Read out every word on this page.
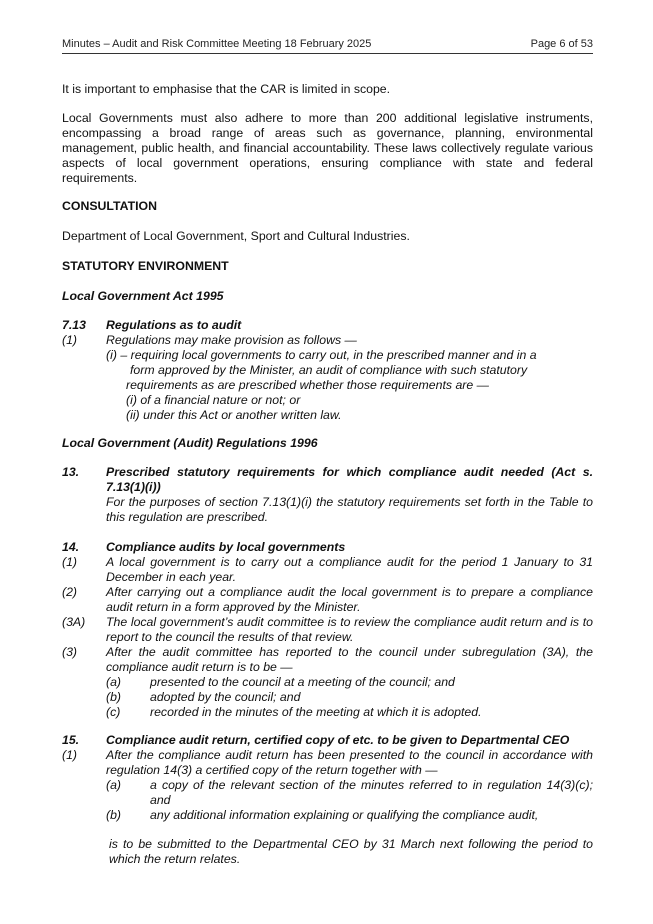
Minutes – Audit and Risk Committee Meeting 18 February 2025	Page 6 of 53
It is important to emphasise that the CAR is limited in scope.
Local Governments must also adhere to more than 200 additional legislative instruments, encompassing a broad range of areas such as governance, planning, environmental management, public health, and financial accountability. These laws collectively regulate various aspects of local government operations, ensuring compliance with state and federal requirements.
CONSULTATION
Department of Local Government, Sport and Cultural Industries.
STATUTORY ENVIRONMENT
Local Government Act 1995
7.13 Regulations as to audit
(1) Regulations may make provision as follows —
(i) – requiring local governments to carry out, in the prescribed manner and in a
form approved by the Minister, an audit of compliance with such statutory
requirements as are prescribed whether those requirements are —
(i) of a financial nature or not; or
(ii) under this Act or another written law.
Local Government (Audit) Regulations 1996
13. Prescribed statutory requirements for which compliance audit needed (Act s. 7.13(1)(i))
For the purposes of section 7.13(1)(i) the statutory requirements set forth in the Table to this regulation are prescribed.
14. Compliance audits by local governments
(1) A local government is to carry out a compliance audit for the period 1 January to 31 December in each year.
(2) After carrying out a compliance audit the local government is to prepare a compliance audit return in a form approved by the Minister.
(3A) The local government’s audit committee is to review the compliance audit return and is to report to the council the results of that review.
(3) After the audit committee has reported to the council under subregulation (3A), the compliance audit return is to be —
(a) presented to the council at a meeting of the council; and
(b) adopted by the council; and
(c) recorded in the minutes of the meeting at which it is adopted.
15. Compliance audit return, certified copy of etc. to be given to Departmental CEO
(1) After the compliance audit return has been presented to the council in accordance with regulation 14(3) a certified copy of the return together with —
(a) a copy of the relevant section of the minutes referred to in regulation 14(3)(c); and
(b) any additional information explaining or qualifying the compliance audit,
is to be submitted to the Departmental CEO by 31 March next following the period to which the return relates.
